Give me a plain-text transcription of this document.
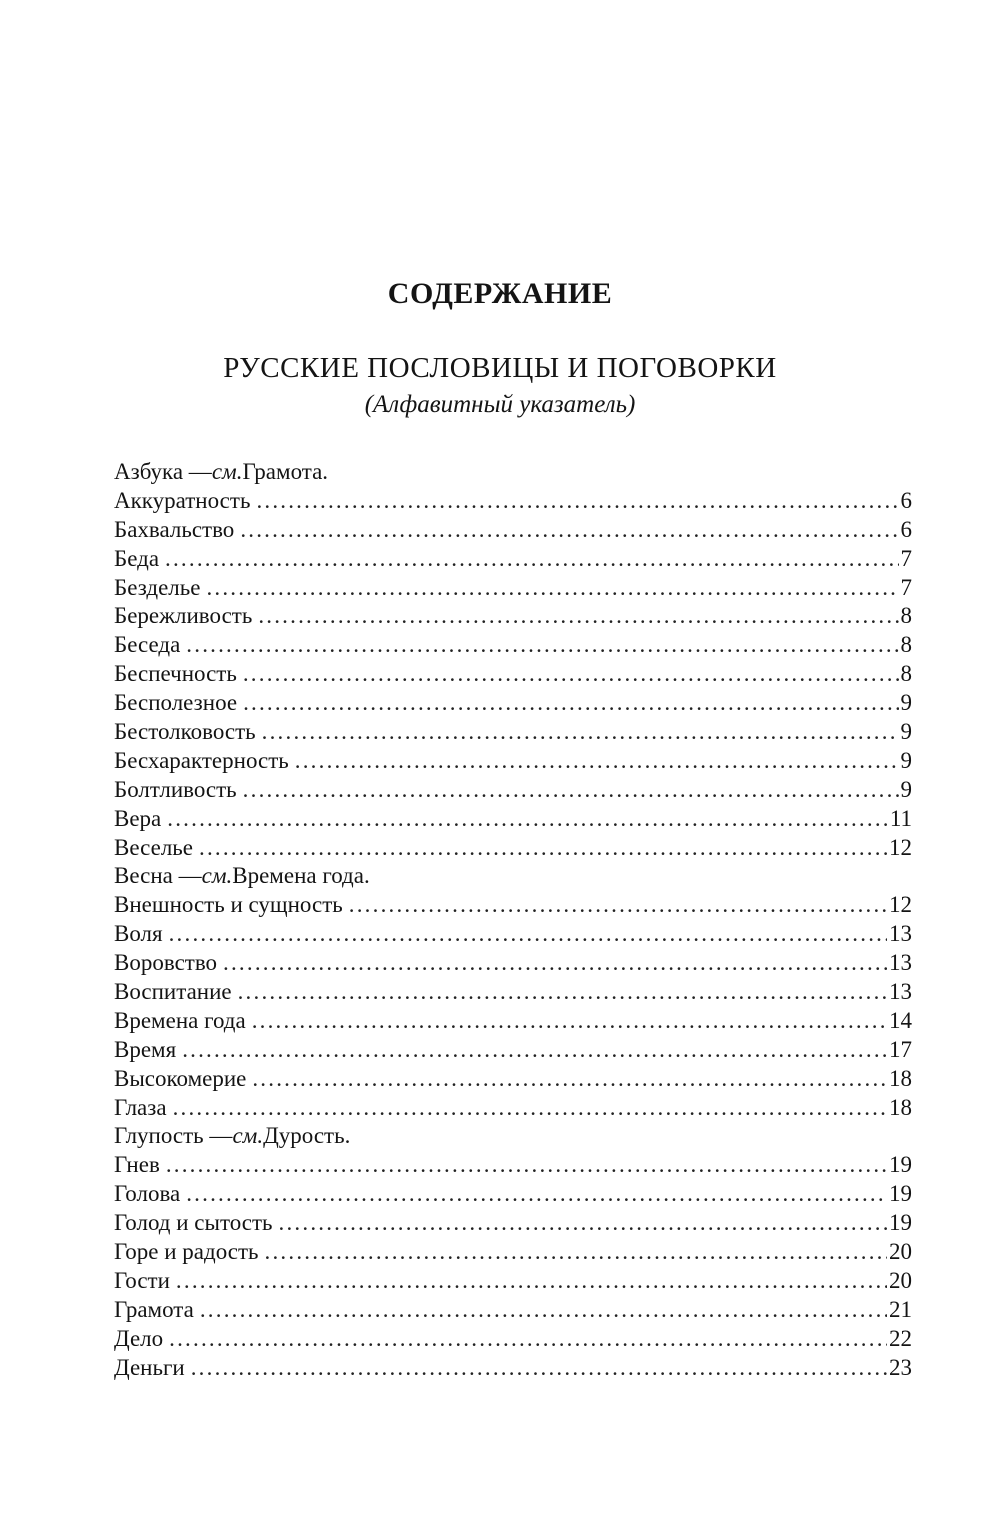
СОДЕРЖАНИЕ
РУССКИЕ ПОСЛОВИЦЫ И ПОГОВОРКИ
(Алфавитный указатель)
Азбука — см. Грамота.
Аккуратность .....	6
Бахвальство .....	6
Беда .....	7
Безделье .....	7
Бережливость .....	8
Беседа .....	8
Беспечность .....	8
Бесполезное .....	9
Бестолковость .....	9
Бесхарактерность .....	9
Болтливость .....	9
Вера .....	11
Веселье .....	12
Весна — см. Времена года.
Внешность и сущность .....	12
Воля .....	13
Воровство .....	13
Воспитание .....	13
Времена года .....	14
Время .....	17
Высокомерие .....	18
Глаза .....	18
Глупость — см. Дурость.
Гнев .....	19
Голова .....	19
Голод и сытость .....	19
Горе и радость .....	20
Гости .....	20
Грамота .....	21
Дело .....	22
Деньги .....	23
